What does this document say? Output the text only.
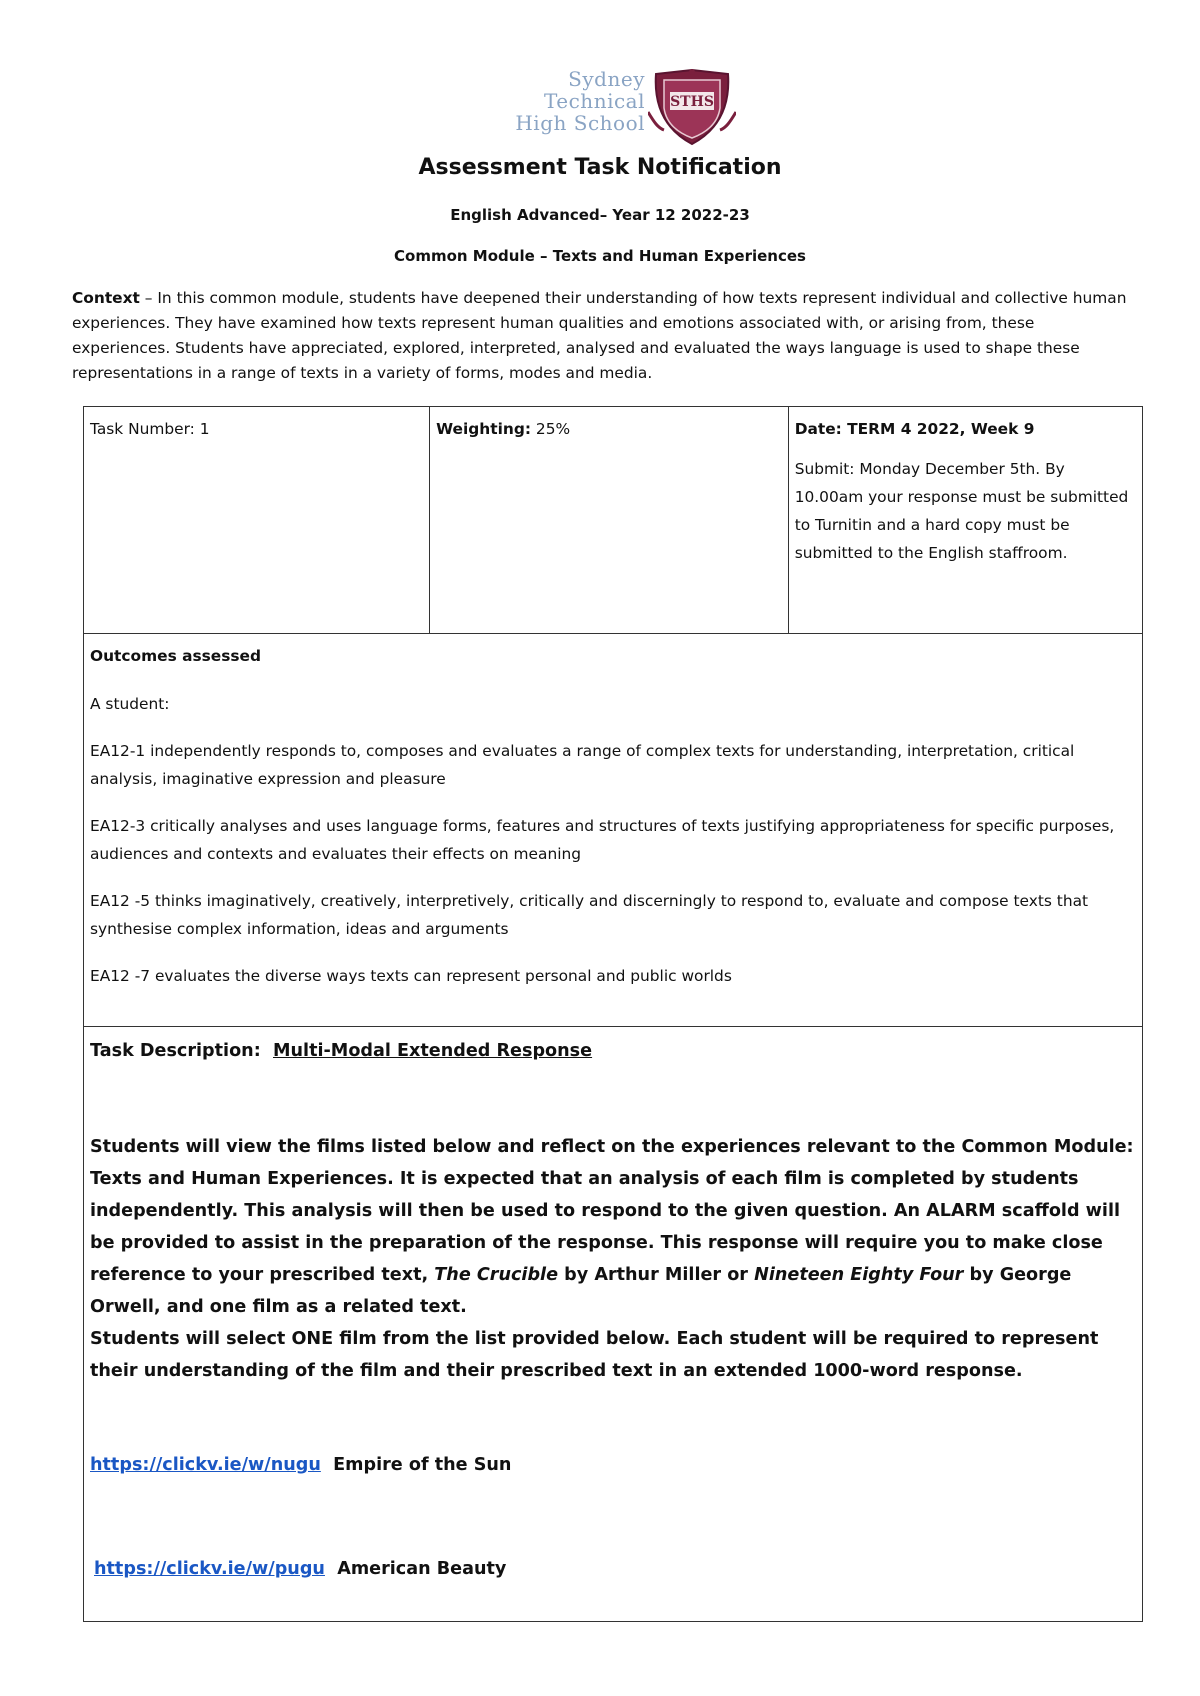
Sydney
Technical
High School
STHS
Assessment Task Notification
English Advanced– Year 12 2022-23
Common Module – Texts and Human Experiences

Context – In this common module, students have deepened their understanding of how texts represent individual and collective human experiences. They have examined how texts represent human qualities and emotions associated with, or arising from, these experiences. Students have appreciated, explored, interpreted, analysed and evaluated the ways language is used to shape these representations in a range of texts in a variety of forms, modes and media.

Task Number: 1	Weighting: 25%	Date: TERM 4 2022, Week 9

Submit: Monday December 5th. By 10.00am your response must be submitted to Turnitin and a hard copy must be submitted to the English staffroom.

Outcomes assessed

A student:

EA12-1 independently responds to, composes and evaluates a range of complex texts for understanding, interpretation, critical analysis, imaginative expression and pleasure

EA12-3 critically analyses and uses language forms, features and structures of texts justifying appropriateness for specific purposes, audiences and contexts and evaluates their effects on meaning

EA12 -5 thinks imaginatively, creatively, interpretively, critically and discerningly to respond to, evaluate and compose texts that synthesise complex information, ideas and arguments

EA12 -7 evaluates the diverse ways texts can represent personal and public worlds

Task Description: Multi-Modal Extended Response

Students will view the films listed below and reflect on the experiences relevant to the Common Module: Texts and Human Experiences. It is expected that an analysis of each film is completed by students independently. This analysis will then be used to respond to the given question. An ALARM scaffold will be provided to assist in the preparation of the response. This response will require you to make close reference to your prescribed text, The Crucible by Arthur Miller or Nineteen Eighty Four by George Orwell, and one film as a related text.

Students will select ONE film from the list provided below. Each student will be required to represent their understanding of the film and their prescribed text in an extended 1000-word response.

https://clickv.ie/w/nugu Empire of the Sun

https://clickv.ie/w/pugu American Beauty
